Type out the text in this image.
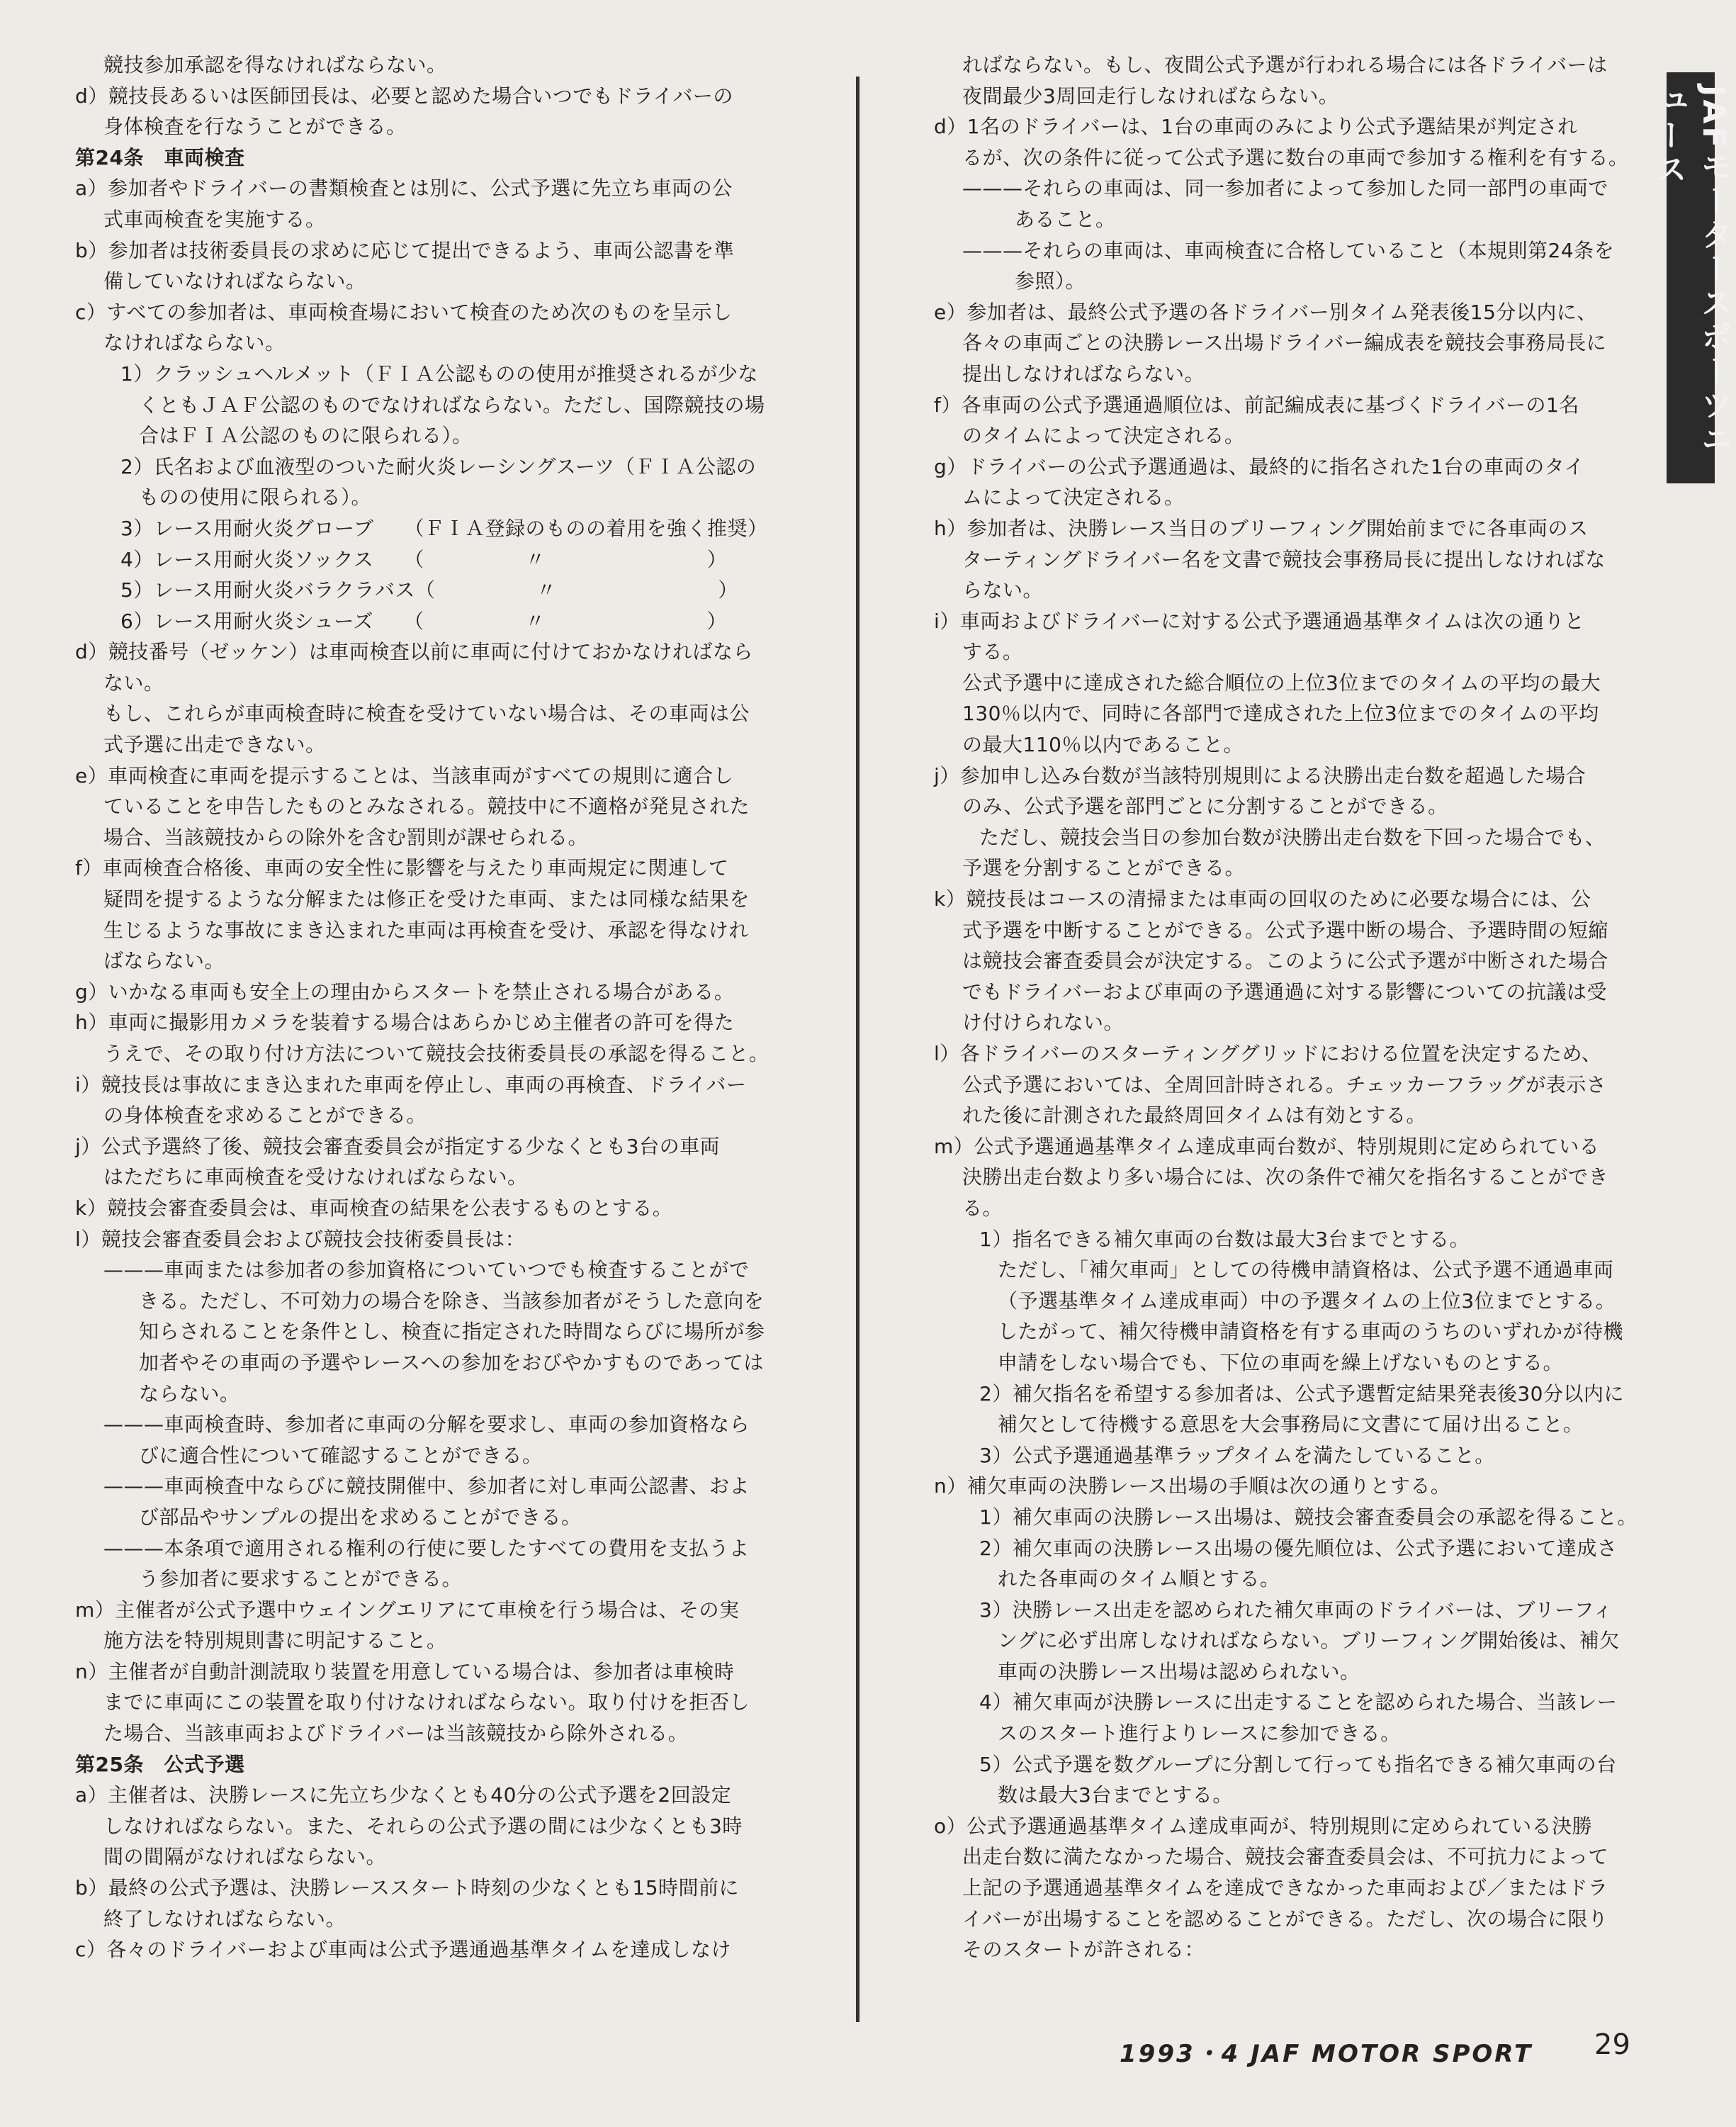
競技参加承認を得なければならない。
d）競技長あるいは医師団長は、必要と認めた場合いつでもドライバーの
身体検査を行なうことができる。
第24条　車両検査
a）参加者やドライバーの書類検査とは別に、公式予選に先立ち車両の公
式車両検査を実施する。
b）参加者は技術委員長の求めに応じて提出できるよう、車両公認書を準
備していなければならない。
c）すべての参加者は、車両検査場において検査のため次のものを呈示し
なければならない。
1）クラッシュヘルメット（ＦＩＡ公認ものの使用が推奨されるが少な
くともＪＡＦ公認のものでなければならない。ただし、国際競技の場
合はＦＩＡ公認のものに限られる）。
2）氏名および血液型のついた耐火炎レーシングスーツ（ＦＩＡ公認の
ものの使用に限られる）。
3）レース用耐火炎グローブ　　（ＦＩＡ登録のものの着用を強く推奨）
4）レース用耐火炎ソックス　　（　　　　　〃　　　　　　　　）
5）レース用耐火炎バラクラバス（　　　　　〃　　　　　　　　）
6）レース用耐火炎シューズ　　（　　　　　〃　　　　　　　　）
d）競技番号（ゼッケン）は車両検査以前に車両に付けておかなければなら
ない。
もし、これらが車両検査時に検査を受けていない場合は、その車両は公
式予選に出走できない。
e）車両検査に車両を提示することは、当該車両がすべての規則に適合し
ていることを申告したものとみなされる。競技中に不適格が発見された
場合、当該競技からの除外を含む罰則が課せられる。
f）車両検査合格後、車両の安全性に影響を与えたり車両規定に関連して
疑問を提するような分解または修正を受けた車両、または同様な結果を
生じるような事故にまき込まれた車両は再検査を受け、承認を得なけれ
ばならない。
g）いかなる車両も安全上の理由からスタートを禁止される場合がある。
h）車両に撮影用カメラを装着する場合はあらかじめ主催者の許可を得た
うえで、その取り付け方法について競技会技術委員長の承認を得ること。
i）競技長は事故にまき込まれた車両を停止し、車両の再検査、ドライバー
の身体検査を求めることができる。
j）公式予選終了後、競技会審査委員会が指定する少なくとも3台の車両
はただちに車両検査を受けなければならない。
k）競技会審査委員会は、車両検査の結果を公表するものとする。
l）競技会審査委員会および競技会技術委員長は：
———車両または参加者の参加資格についていつでも検査することがで
きる。ただし、不可効力の場合を除き、当該参加者がそうした意向を
知らされることを条件とし、検査に指定された時間ならびに場所が参
加者やその車両の予選やレースへの参加をおびやかすものであっては
ならない。
———車両検査時、参加者に車両の分解を要求し、車両の参加資格なら
びに適合性について確認することができる。
———車両検査中ならびに競技開催中、参加者に対し車両公認書、およ
び部品やサンプルの提出を求めることができる。
———本条項で適用される権利の行使に要したすべての費用を支払うよ
う参加者に要求することができる。
m）主催者が公式予選中ウェイングエリアにて車検を行う場合は、その実
施方法を特別規則書に明記すること。
n）主催者が自動計測読取り装置を用意している場合は、参加者は車検時
までに車両にこの装置を取り付けなければならない。取り付けを拒否し
た場合、当該車両およびドライバーは当該競技から除外される。
第25条　公式予選
a）主催者は、決勝レースに先立ち少なくとも40分の公式予選を2回設定
しなければならない。また、それらの公式予選の間には少なくとも3時
間の間隔がなければならない。
b）最終の公式予選は、決勝レーススタート時刻の少なくとも15時間前に
終了しなければならない。
c）各々のドライバーおよび車両は公式予選通過基準タイムを達成しなけ
ればならない。もし、夜間公式予選が行われる場合には各ドライバーは
夜間最少3周回走行しなければならない。
d）1名のドライバーは、1台の車両のみにより公式予選結果が判定され
るが、次の条件に従って公式予選に数台の車両で参加する権利を有する。
———それらの車両は、同一参加者によって参加した同一部門の車両で
あること。
———それらの車両は、車両検査に合格していること（本規則第24条を
参照）。
e）参加者は、最終公式予選の各ドライバー別タイム発表後15分以内に、
各々の車両ごとの決勝レース出場ドライバー編成表を競技会事務局長に
提出しなければならない。
f）各車両の公式予選通過順位は、前記編成表に基づくドライバーの1名
のタイムによって決定される。
g）ドライバーの公式予選通過は、最終的に指名された1台の車両のタイ
ムによって決定される。
h）参加者は、決勝レース当日のブリーフィング開始前までに各車両のス
ターティングドライバー名を文書で競技会事務局長に提出しなければな
らない。
i）車両およびドライバーに対する公式予選通過基準タイムは次の通りと
する。
公式予選中に達成された総合順位の上位3位までのタイムの平均の最大
130％以内で、同時に各部門で達成された上位3位までのタイムの平均
の最大110％以内であること。
j）参加申し込み台数が当該特別規則による決勝出走台数を超過した場合
のみ、公式予選を部門ごとに分割することができる。
ただし、競技会当日の参加台数が決勝出走台数を下回った場合でも、
予選を分割することができる。
k）競技長はコースの清掃または車両の回収のために必要な場合には、公
式予選を中断することができる。公式予選中断の場合、予選時間の短縮
は競技会審査委員会が決定する。このように公式予選が中断された場合
でもドライバーおよび車両の予選通過に対する影響についての抗議は受
け付けられない。
l）各ドライバーのスターティンググリッドにおける位置を決定するため、
公式予選においては、全周回計時される。チェッカーフラッグが表示さ
れた後に計測された最終周回タイムは有効とする。
m）公式予選通過基準タイム達成車両台数が、特別規則に定められている
決勝出走台数より多い場合には、次の条件で補欠を指名することができ
る。
1）指名できる補欠車両の台数は最大3台までとする。
ただし、「補欠車両」としての待機申請資格は、公式予選不通過車両
（予選基準タイム達成車両）中の予選タイムの上位3位までとする。
したがって、補欠待機申請資格を有する車両のうちのいずれかが待機
申請をしない場合でも、下位の車両を繰上げないものとする。
2）補欠指名を希望する参加者は、公式予選暫定結果発表後30分以内に
補欠として待機する意思を大会事務局に文書にて届け出ること。
3）公式予選通過基準ラップタイムを満たしていること。
n）補欠車両の決勝レース出場の手順は次の通りとする。
1）補欠車両の決勝レース出場は、競技会審査委員会の承認を得ること。
2）補欠車両の決勝レース出場の優先順位は、公式予選において達成さ
れた各車両のタイム順とする。
3）決勝レース出走を認められた補欠車両のドライバーは、ブリーフィ
ングに必ず出席しなければならない。ブリーフィング開始後は、補欠
車両の決勝レース出場は認められない。
4）補欠車両が決勝レースに出走することを認められた場合、当該レー
スのスタート進行よりレースに参加できる。
5）公式予選を数グループに分割して行っても指名できる補欠車両の台
数は最大3台までとする。
o）公式予選通過基準タイム達成車両が、特別規則に定められている決勝
出走台数に満たなかった場合、競技会審査委員会は、不可抗力によって
上記の予選通過基準タイムを達成できなかった車両および／またはドラ
イバーが出場することを認めることができる。ただし、次の場合に限り
そのスタートが許される：
JAFモータースポーツニュース
1993・4 JAF MOTOR SPORT 29
